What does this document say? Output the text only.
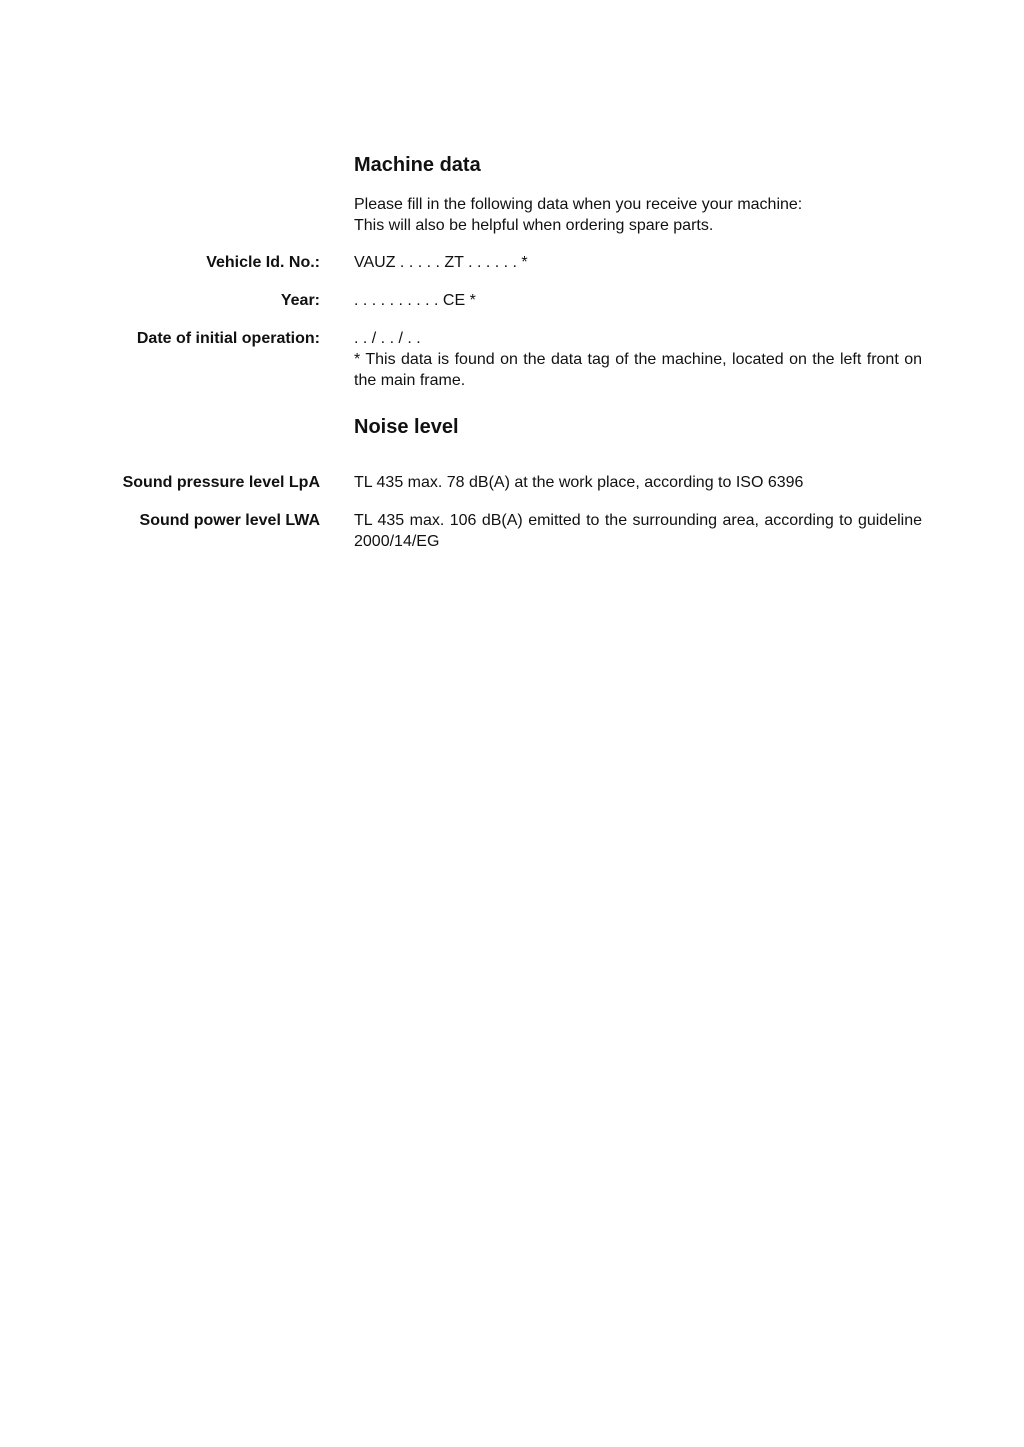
Machine data

Please fill in the following data when you receive your machine:

This will also be helpful when ordering spare parts.

Vehicle Id. No.: VAUZ . . . . . ZT . . . . . . *
Year: . . . . . . . . . . CE *
Date of initial operation: . . / . . / . .

* This data is found on the data tag of the machine, located on the left front on the main frame.

Noise level
Sound pressure level LpA TL 435 max. 78 dB(A) at the work place, according to ISO 6396
Sound power level LWA TL 435 max. 106 dB(A) emitted to the surrounding area, according to guideline 2000/14/EG
